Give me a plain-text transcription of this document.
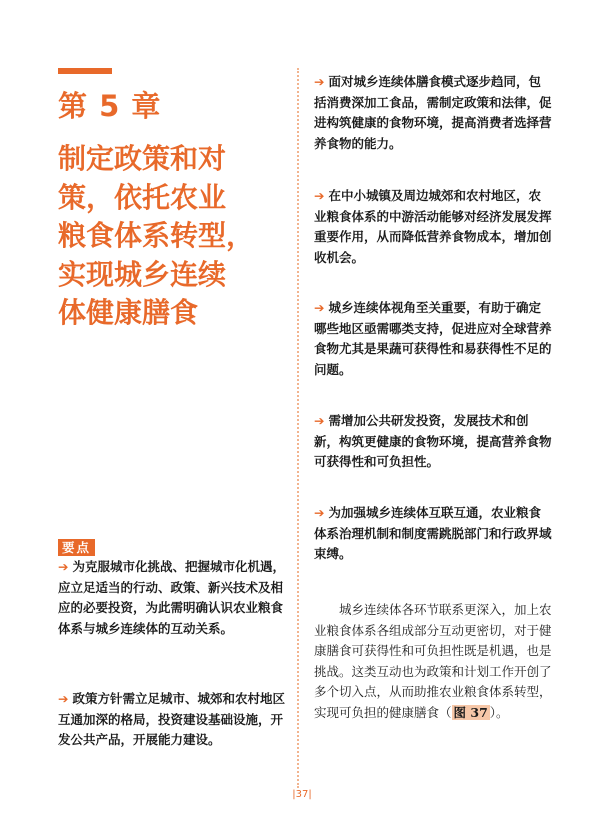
第 5 章
制定政策和对
策，依托农业
粮食体系转型，
实现城乡连续
体健康膳食
要点
➔ 为克服城市化挑战、把握城市化机遇，应立足适当的行动、政策、新兴技术及相应的必要投资，为此需明确认识农业粮食体系与城乡连续体的互动关系。
➔ 政策方针需立足城市、城郊和农村地区互通加深的格局，投资建设基础设施，开发公共产品，开展能力建设。
➔ 面对城乡连续体膳食模式逐步趋同，包括消费深加工食品，需制定政策和法律，促进构筑健康的食物环境，提高消费者选择营养食物的能力。
➔ 在中小城镇及周边城郊和农村地区，农业粮食体系的中游活动能够对经济发展发挥重要作用，从而降低营养食物成本，增加创收机会。
➔ 城乡连续体视角至关重要，有助于确定哪些地区亟需哪类支持，促进应对全球营养食物尤其是果蔬可获得性和易获得性不足的问题。
➔ 需增加公共研发投资，发展技术和创新，构筑更健康的食物环境，提高营养食物可获得性和可负担性。
➔ 为加强城乡连续体互联互通，农业粮食体系治理机制和制度需跳脱部门和行政界域束缚。
城乡连续体各环节联系更深入，加上农业粮食体系各组成部分互动更密切，对于健康膳食可获得性和可负担性既是机遇，也是挑战。这类互动也为政策和计划工作开创了多个切入点，从而助推农业粮食体系转型，实现可负担的健康膳食（ 图 37 ）。
|37|
